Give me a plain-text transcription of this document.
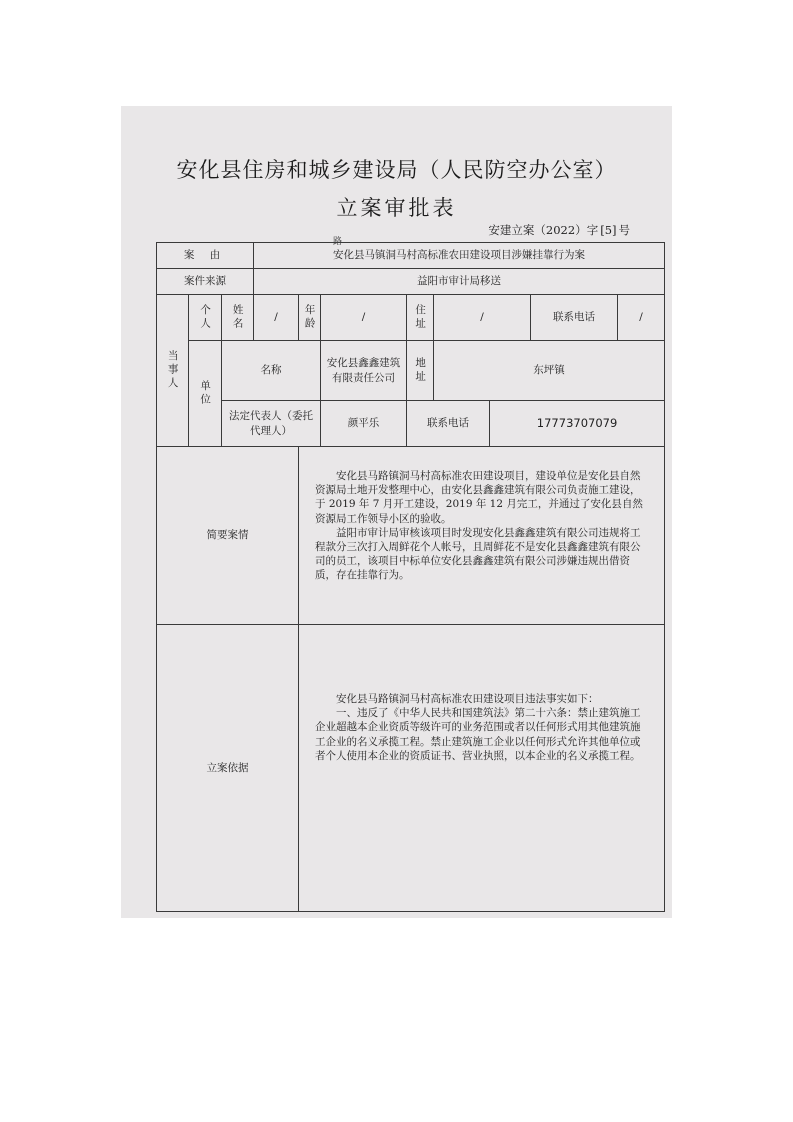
安化县住房和城乡建设局（人民防空办公室）
立案审批表
安建立案（2022）字 [5] 号
路
案 由			安化县马镇洞马村高标准农田建设项目涉嫌挂靠行为案							
案件来源			益阳市审计局移送							
当事人	个人	姓名	/	年龄	/	住址	/		联系电话	/
	单位	名称			安化县鑫鑫建筑有限责任公司	地址	东坪镇			
		法定代表人（委托代理人）			颜平乐	联系电话		17773707079		
简要案情				安化县马路镇洞马村高标准农田建设项目，建设单位是安化县自然资源局土地开发整理中心，由安化县鑫鑫建筑有限公司负责施工建设，于 2019 年 7 月开工建设，2019 年 12 月完工，并通过了安化县自然资源局工作领导小区的验收。

益阳市审计局审核该项目时发现安化县鑫鑫建筑有限公司违规将工程款分三次打入周鲜花个人帐号，且周鲜花不是安化县鑫鑫建筑有限公司的员工，该项目中标单位安化县鑫鑫建筑有限公司涉嫌违规出借资质，存在挂靠行为。						

立案依据				安化县马路镇洞马村高标准农田建设项目违法事实如下：

一、违反了《中华人民共和国建筑法》第二十六条：禁止建筑施工企业超越本企业资质等级许可的业务范围或者以任何形式用其他建筑施工企业的名义承揽工程。禁止建筑施工企业以任何形式允许其他单位或者个人使用本企业的资质证书、营业执照，以本企业的名义承揽工程。						
